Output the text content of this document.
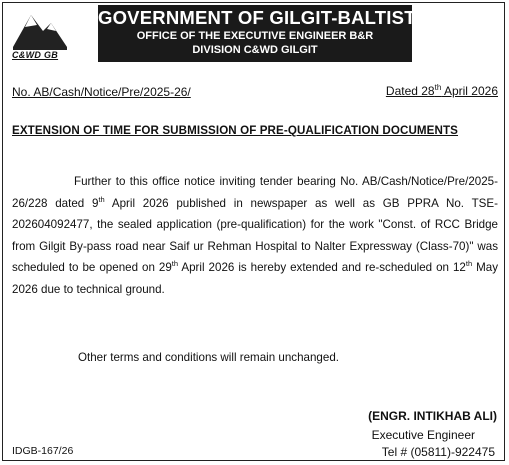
C&WD GB
GOVERNMENT OF GILGIT-BALTISTAN
OFFICE OF THE EXECUTIVE ENGINEER B&R
DIVISION C&WD GILGIT
No. AB/Cash/Notice/Pre/2025-26/	Dated 28th April 2026
EXTENSION OF TIME FOR SUBMISSION OF PRE-QUALIFICATION DOCUMENTS

Further to this office notice inviting tender bearing No. AB/Cash/Notice/Pre/2025-26/228 dated 9th April 2026 published in newspaper as well as GB PPRA No. TSE-202604092477, the sealed application (pre-qualification) for the work "Const. of RCC Bridge from Gilgit By-pass road near Saif ur Rehman Hospital to Nalter Expressway (Class-70)" was scheduled to be opened on 29th April 2026 is hereby extended and re-scheduled on 12th May 2026 due to technical ground.

Other terms and conditions will remain unchanged.
(ENGR. INTIKHAB ALI)
Executive Engineer
Tel # (05811)-922475
IDGB-167/26
